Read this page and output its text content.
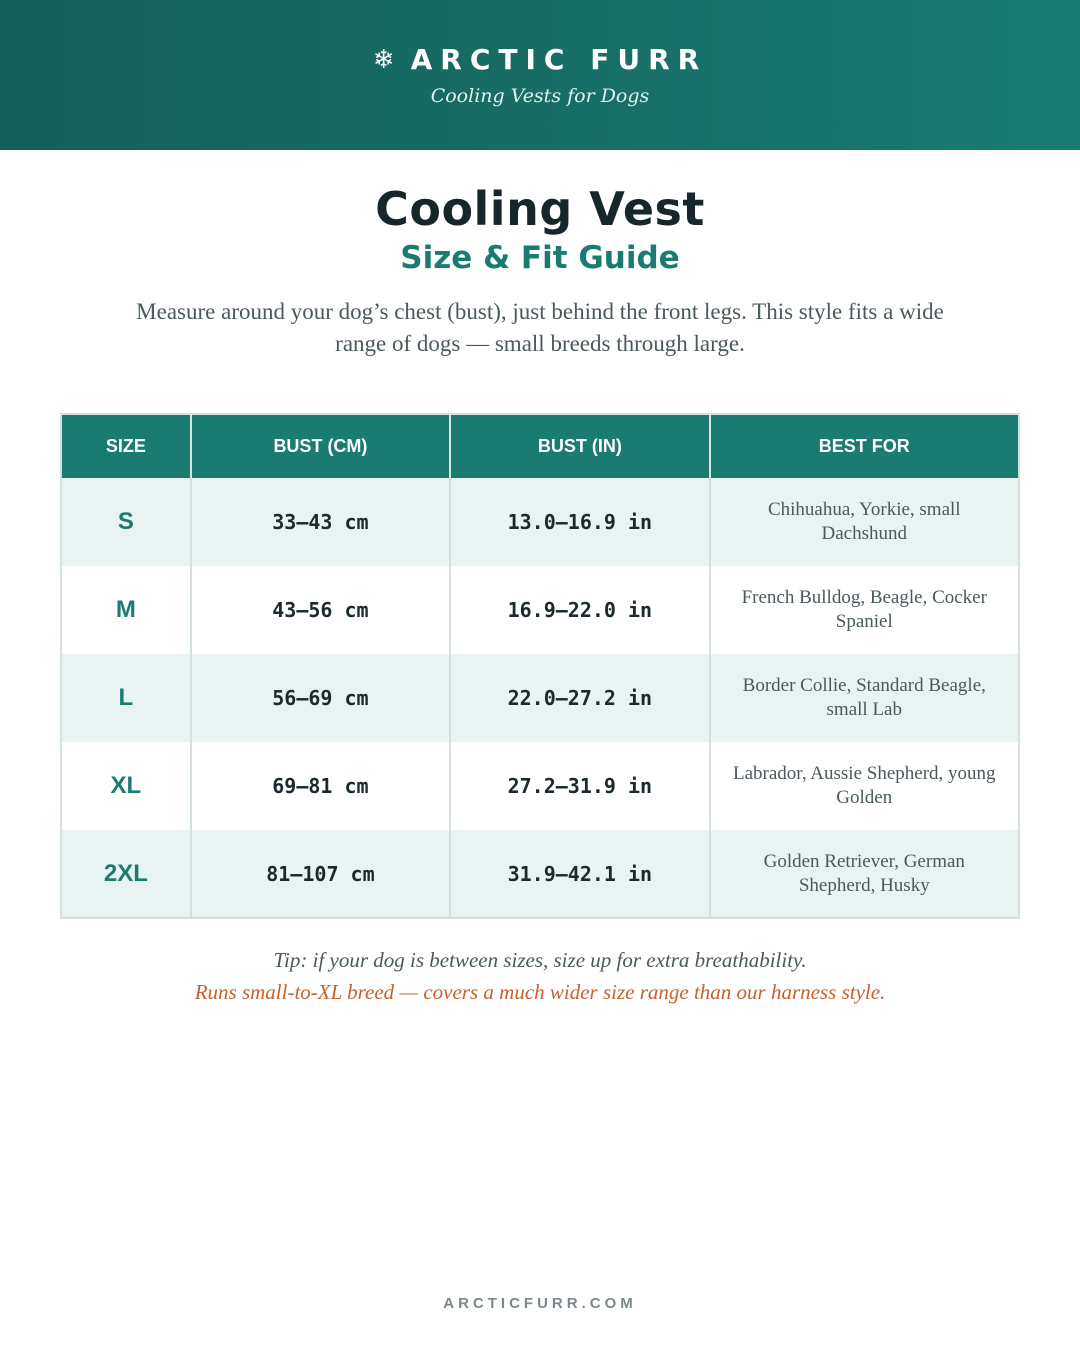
❄ ARCTIC FURR
Cooling Vests for Dogs
Cooling Vest
Size & Fit Guide
Measure around your dog’s chest (bust), just behind the front legs. This style fits a wide range of dogs — small breeds through large.
SIZE	BUST (CM)	BUST (IN)	BEST FOR
S	33–43 cm	13.0–16.9 in	Chihuahua, Yorkie, small Dachshund
M	43–56 cm	16.9–22.0 in	French Bulldog, Beagle, Cocker Spaniel
L	56–69 cm	22.0–27.2 in	Border Collie, Standard Beagle, small Lab
XL	69–81 cm	27.2–31.9 in	Labrador, Aussie Shepherd, young Golden
2XL	81–107 cm	31.9–42.1 in	Golden Retriever, German Shepherd, Husky
Tip: if your dog is between sizes, size up for extra breathability.
Runs small-to-XL breed — covers a much wider size range than our harness style.
ARCTICFURR.COM
